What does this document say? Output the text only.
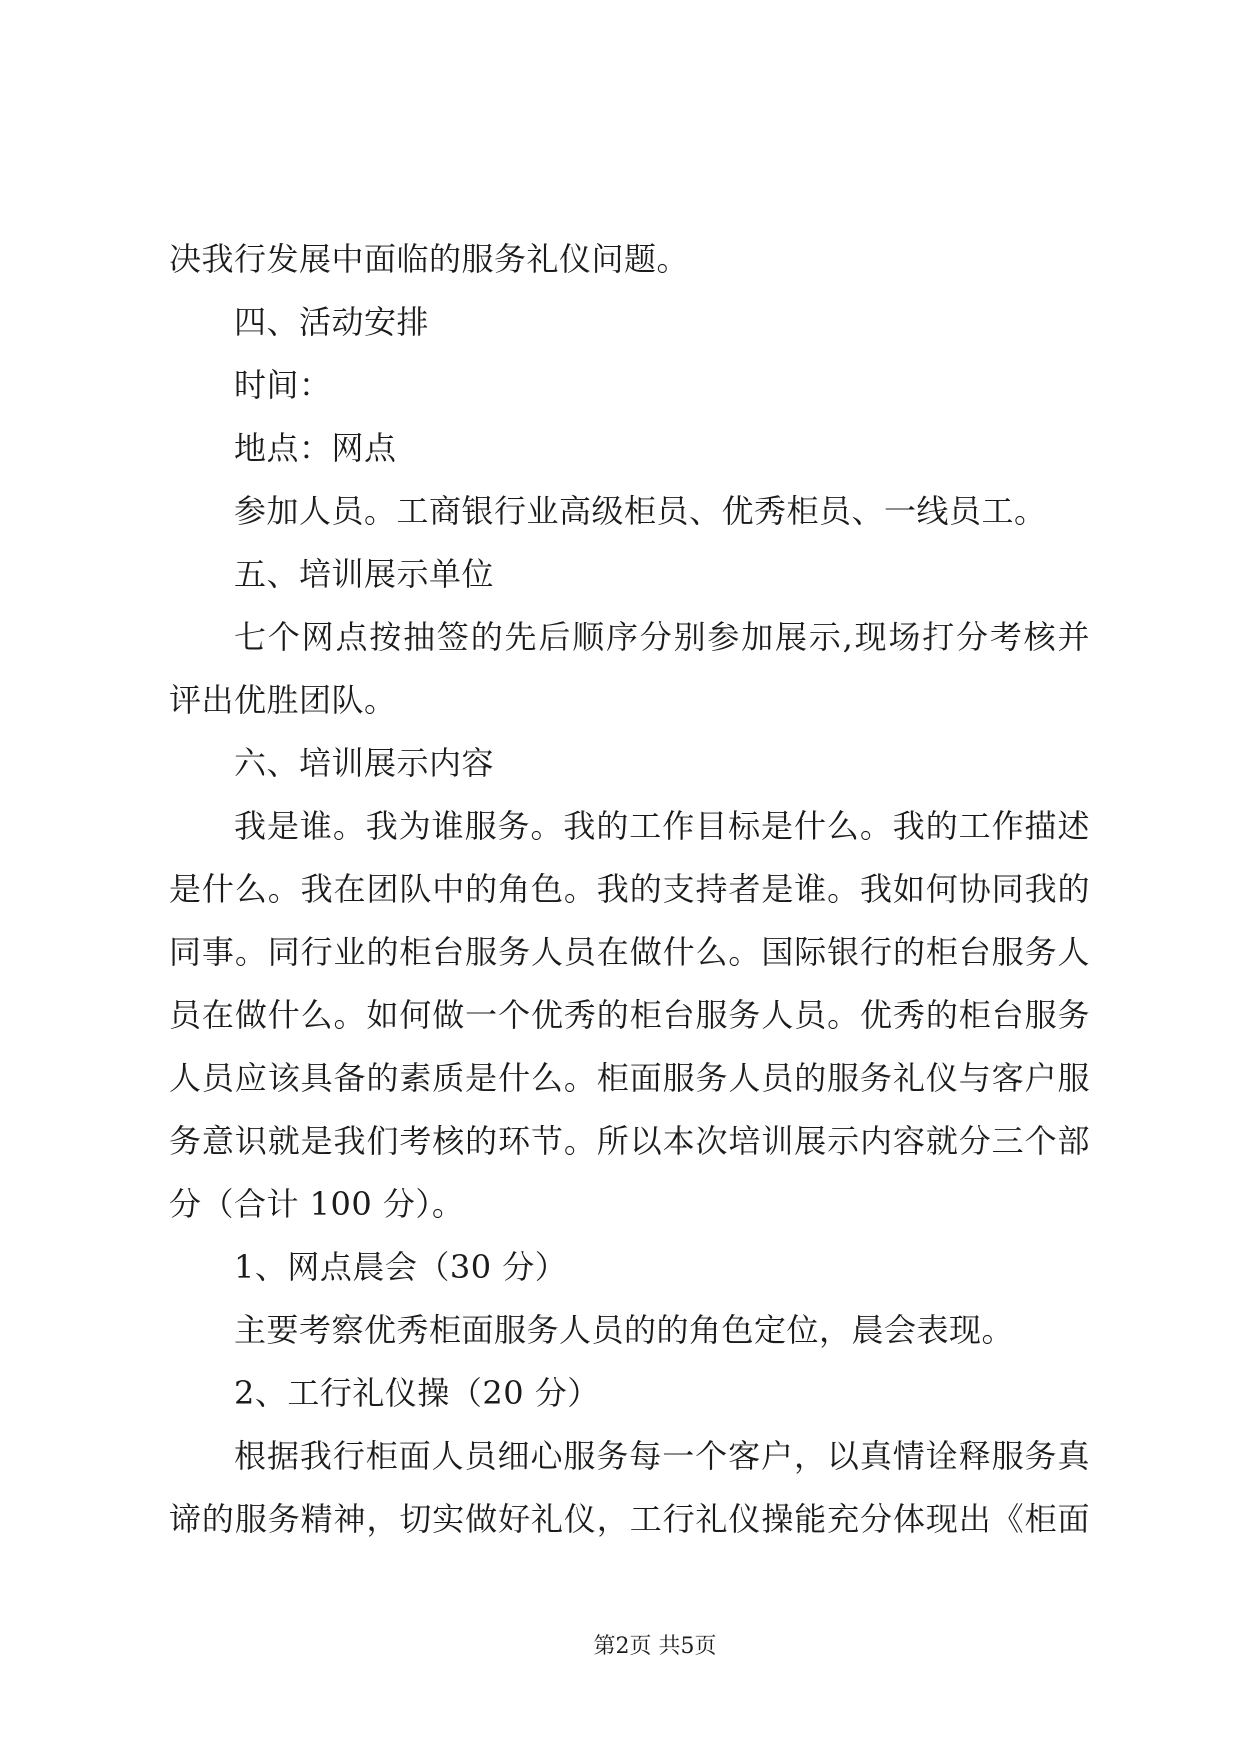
决我行发展中面临的服务礼仪问题。
四、活动安排
时间：
地点：网点
参加人员。工商银行业高级柜员、优秀柜员、一线员工。
五、培训展示单位
七个网点按抽签的先后顺序分别参加展示,现场打分考核并
评出优胜团队。
六、培训展示内容
我是谁。我为谁服务。我的工作目标是什么。我的工作描述
是什么。我在团队中的角色。我的支持者是谁。我如何协同我的
同事。同行业的柜台服务人员在做什么。国际银行的柜台服务人
员在做什么。如何做一个优秀的柜台服务人员。优秀的柜台服务
人员应该具备的素质是什么。柜面服务人员的服务礼仪与客户服
务意识就是我们考核的环节。所以本次培训展示内容就分三个部
分（合计 100 分）。
1、网点晨会（30 分）
主要考察优秀柜面服务人员的的角色定位，晨会表现。
2、工行礼仪操（20 分）
根据我行柜面人员细心服务每一个客户，以真情诠释服务真
谛的服务精神，切实做好礼仪，工行礼仪操能充分体现出《柜面
第2页 共5页
